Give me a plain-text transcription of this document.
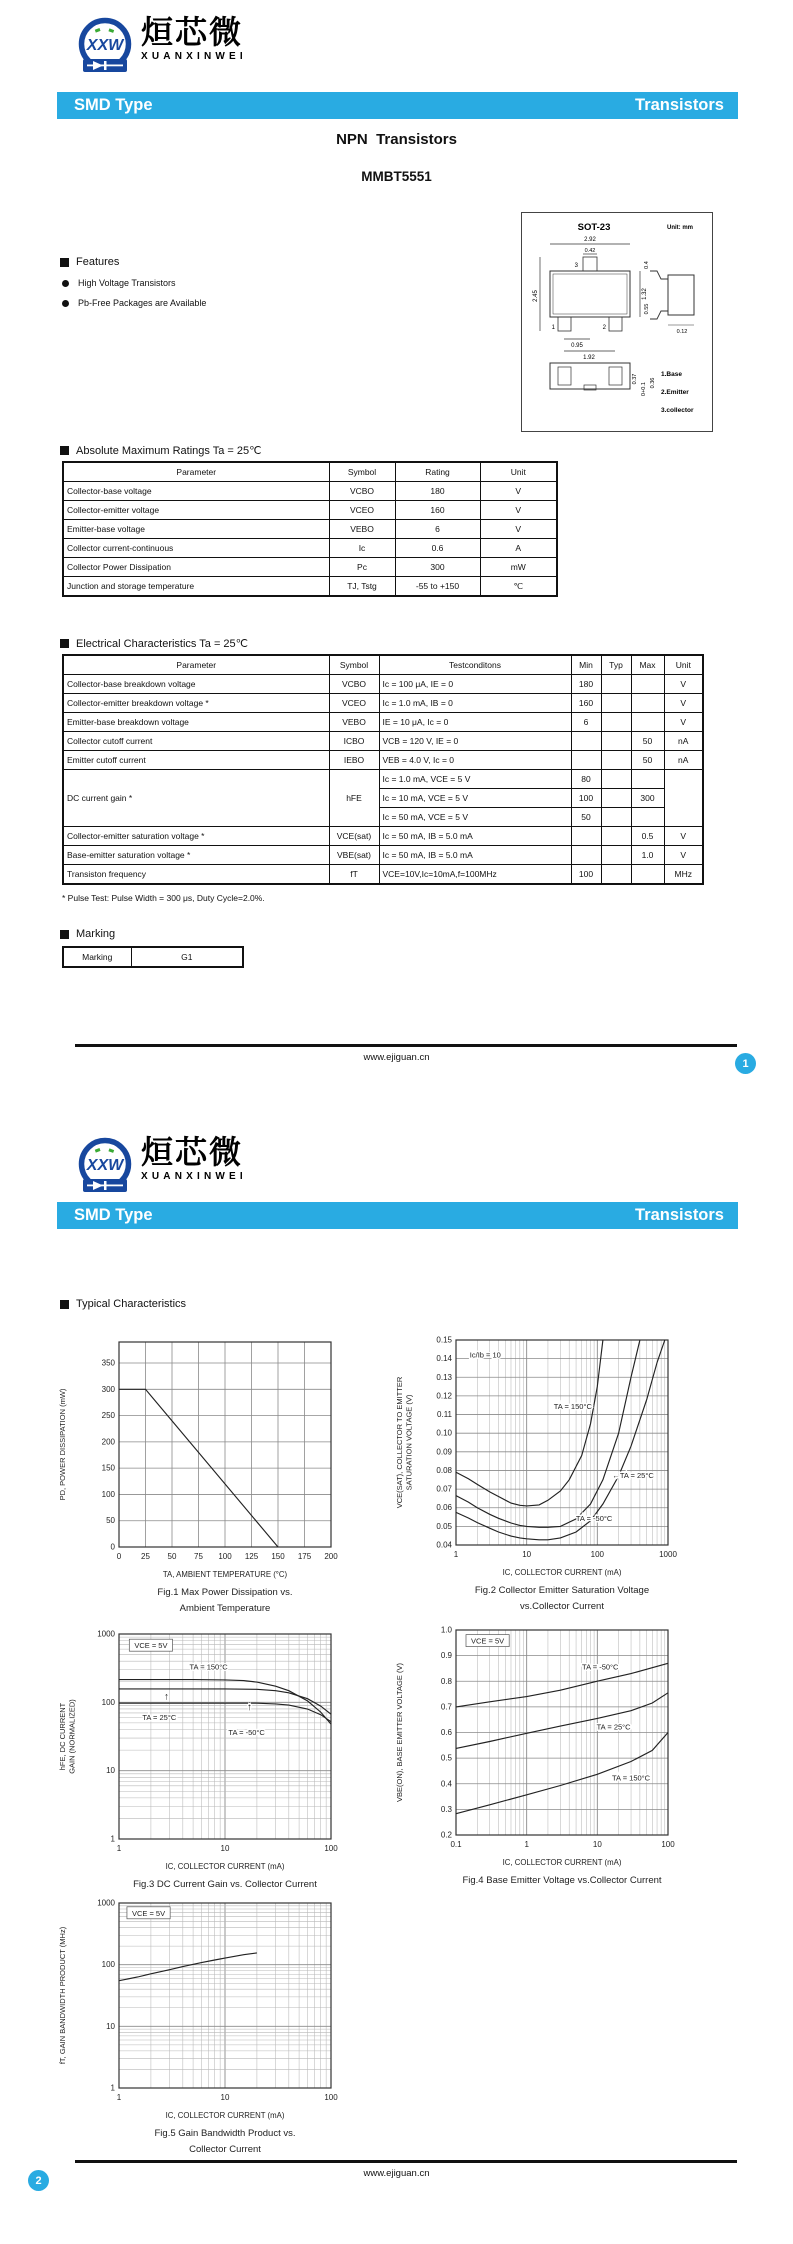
XXW 烜芯微
XUANXINWEI
SMD Type	Transistors
NPN  Transistors
MMBT5551
SOT-23	Unit: mm
2.92
0.42
3
1	2
2.45	1.32
0.95
1.92
0.4
0.55
0.12
0.37
0+0.1 0.36
1.Base
2.Emitter
3.collector
Features
High Voltage Transistors
Pb-Free Packages are Available
Absolute Maximum Ratings Ta = 25℃
Parameter	Symbol	Rating	Unit
Collector-base voltage	VCBO	180	V
Collector-emitter voltage	VCEO	160	V
Emitter-base voltage	VEBO	6	V
Collector current-continuous	Ic	0.6	A
Collector Power Dissipation	Pc	300	mW
Junction and storage temperature	TJ, Tstg	-55 to +150	℃
Electrical Characteristics Ta = 25℃
Parameter	Symbol	Testconditons	Min	Typ	Max	Unit
Collector-base breakdown voltage	VCBO	Ic = 100 μA, IE = 0	180			V
Collector-emitter breakdown voltage *	VCEO	Ic = 1.0 mA, IB = 0	160			V
Emitter-base breakdown voltage	VEBO	IE = 10 μA, Ic = 0	6			V
Collector cutoff current	ICBO	VCB = 120 V, IE = 0			50	nA
Emitter cutoff current	IEBO	VEB = 4.0 V, Ic = 0			50	nA
DC current gain *	hFE	Ic = 1.0 mA, VCE = 5 V	80			
		Ic = 10 mA, VCE = 5 V	100		300	
		Ic = 50 mA, VCE = 5 V	50			
Collector-emitter saturation voltage *	VCE(sat)	Ic = 50 mA, IB = 5.0 mA			0.5	V
Base-emitter saturation voltage *	VBE(sat)	Ic = 50 mA, IB = 5.0 mA			1.0	V
Transiston frequency	fT	VCE=10V,Ic=10mA,f=100MHz	100			MHz
* Pulse Test: Pulse Width = 300 μs, Duty Cycle=2.0%.
Marking
Marking	G1
www.ejiguan.cn	1
XXW 烜芯微
XUANXINWEI
SMD Type	Transistors
Typical Characteristics
0 25 50 75 100 125 150 175 200
0
50
100
150
200
250
300
350
TA, AMBIENT TEMPERATURE (°C)
PD, POWER DISSIPATION (mW)
Fig.1 Max Power Dissipation vs.
Ambient Temperature
1	10	100	1000
0.04
0.05
0.06
0.07
0.08
0.09
0.10
0.11
0.12
0.13
0.14
0.15
Ic/Ib = 10
TA = 150°C
←TA = 25°C
TA = -50°C
IC, COLLECTOR CURRENT (mA)
VCE(SAT), COLLECTOR TO EMITTER SATURATION VOLTAGE (V)
Fig.2 Collector Emitter Saturation Voltage
vs.Collector Current
1	10	100
1
10
100
1000
VCE = 5V
TA = 150°C
↑
TA = 25°C
↑
TA = -50°C
IC, COLLECTOR CURRENT (mA)
hFE, DC CURRENT GAIN (NORMALIZED)
Fig.3 DC Current Gain vs. Collector Current
0.1	1	10	100
0.2
0.3
0.4
0.5
0.6
0.7
0.8
0.9
1.0
VCE = 5V
TA = -50°C
TA = 25°C
TA = 150°C
IC, COLLECTOR CURRENT (mA)
VBE(ON), BASE EMITTER VOLTAGE (V)
Fig.4 Base Emitter Voltage vs.Collector Current
1	10	100
1
10
100
1000
VCE = 5V
IC, COLLECTOR CURRENT (mA)
fT, GAIN BANDWIDTH PRODUCT (MHz)
Fig.5 Gain Bandwidth Product vs.
Collector Current
www.ejiguan.cn
2
